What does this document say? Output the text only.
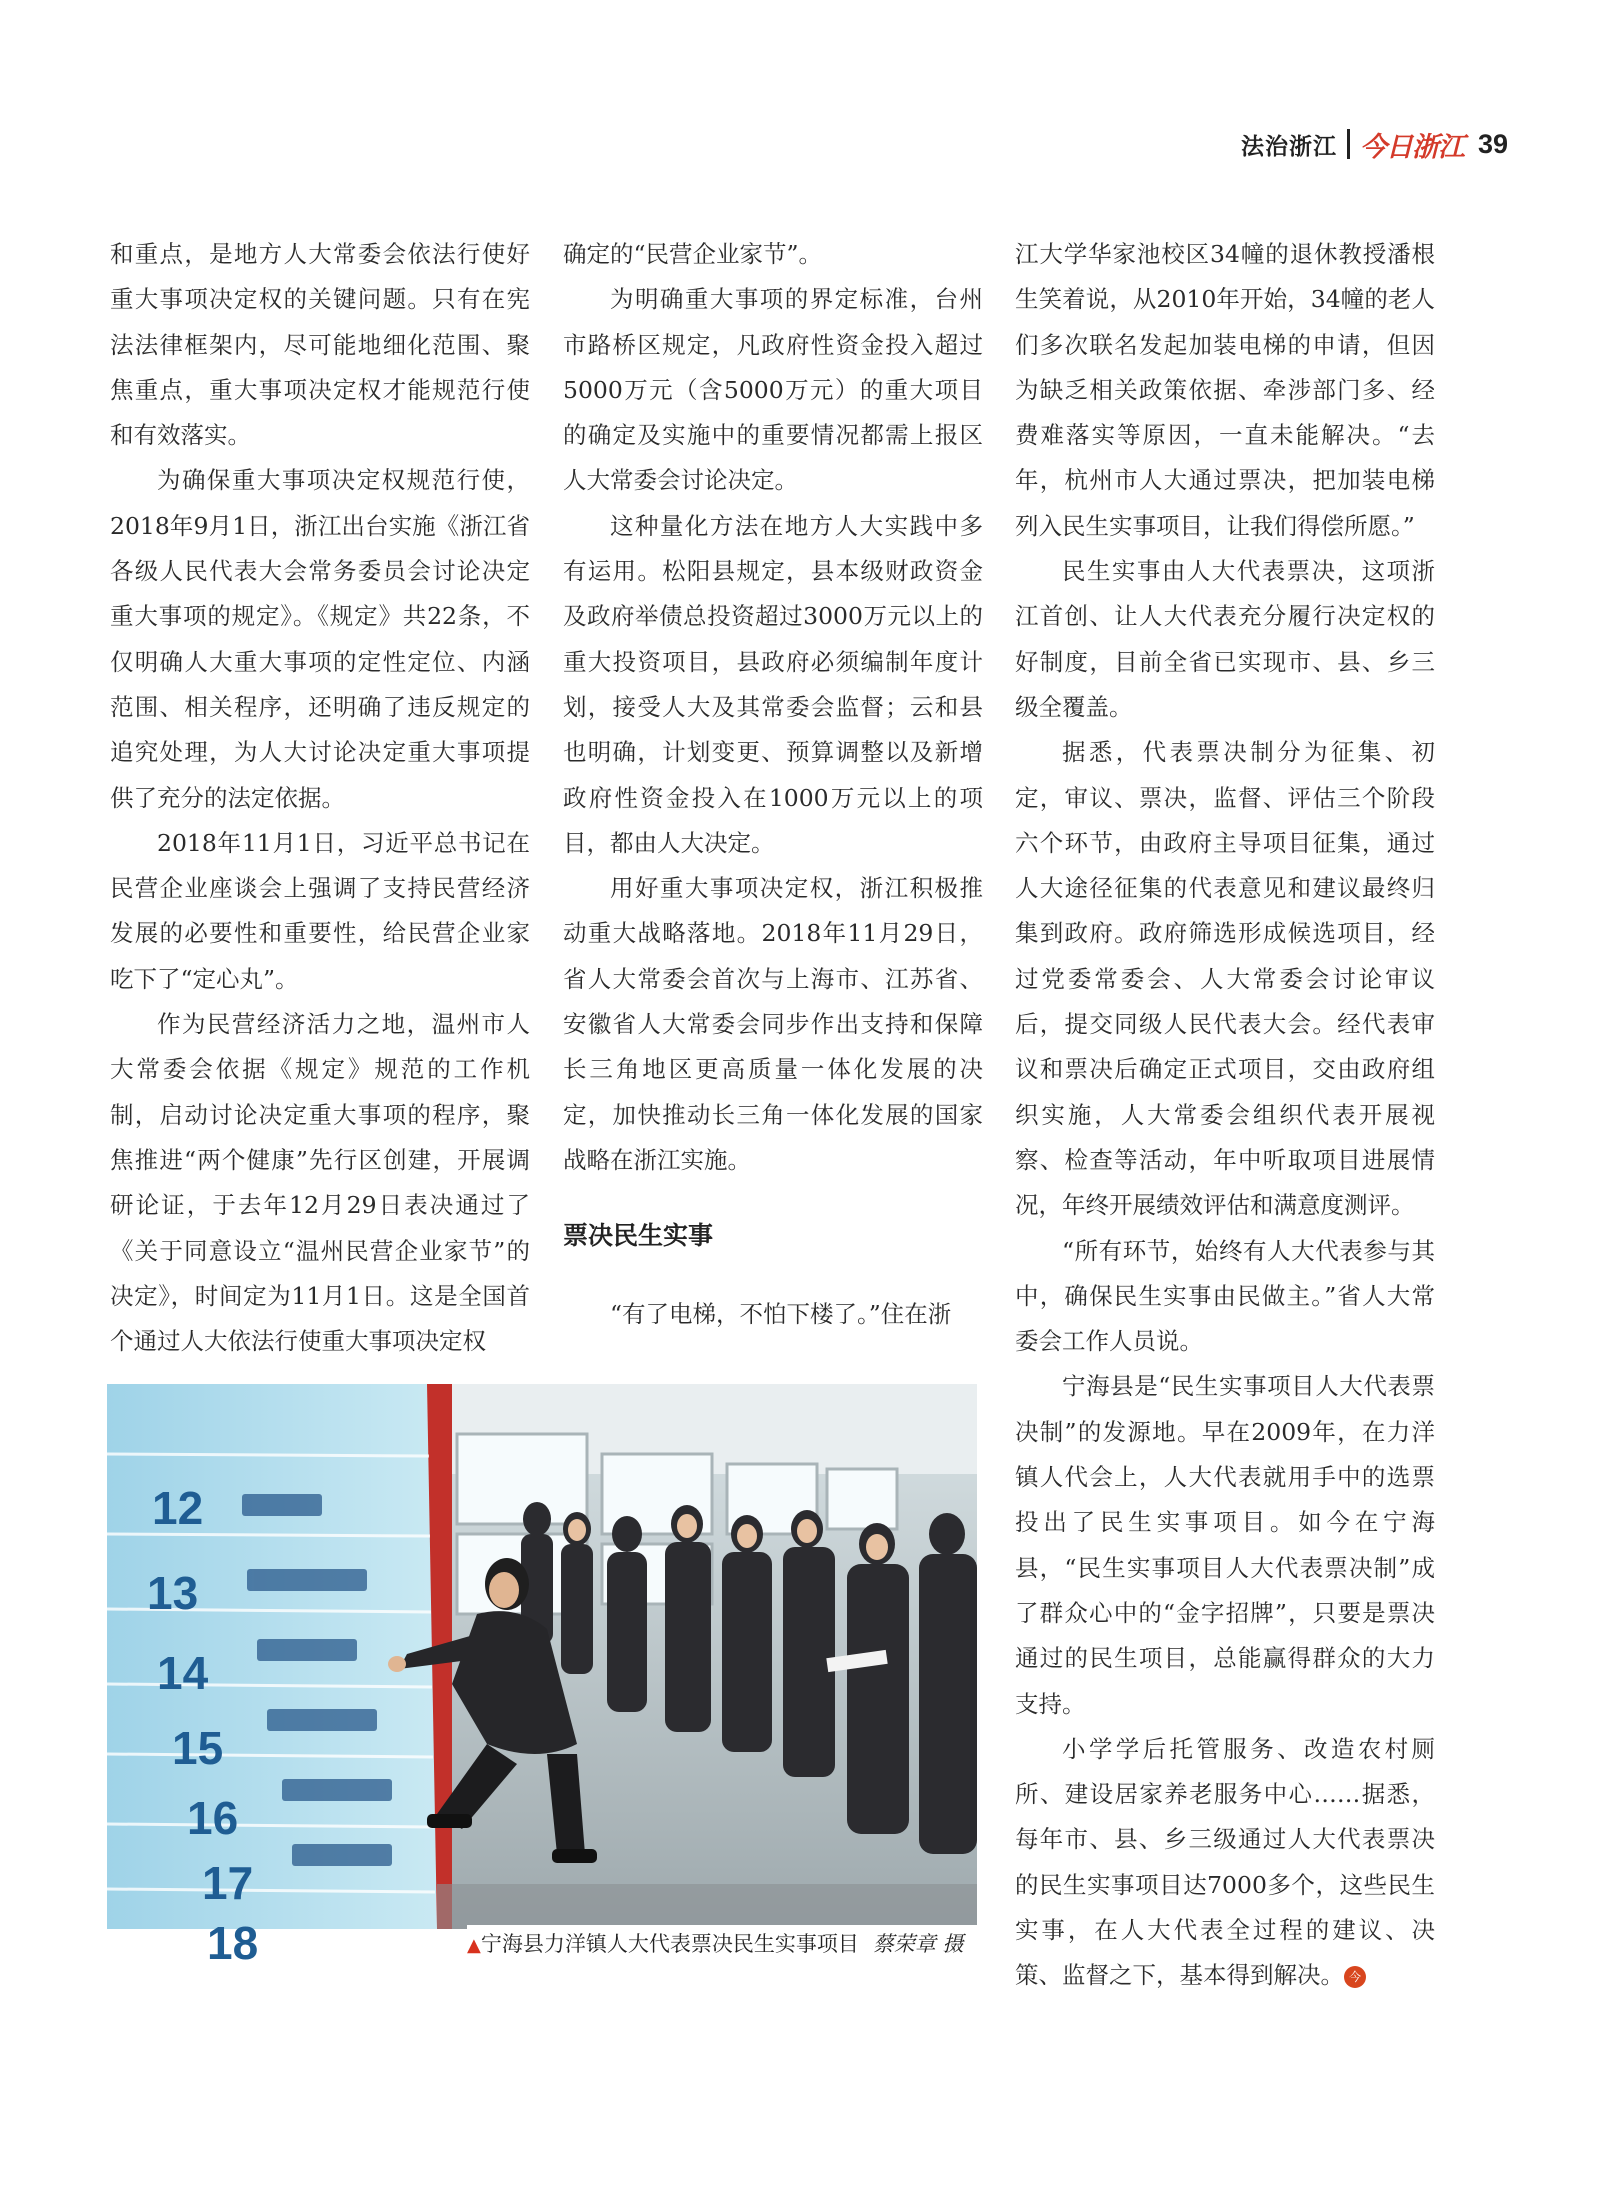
法治浙江 今日浙江 39

和重点，是地方人大常委会依法行使好重大事项决定权的关键问题。只有在宪法法律框架内，尽可能地细化范围、聚焦重点，重大事项决定权才能规范行使和有效落实。

为确保重大事项决定权规范行使，2018年9月1日，浙江出台实施《浙江省各级人民代表大会常务委员会讨论决定重大事项的规定》。《规定》共22条，不仅明确人大重大事项的定性定位、内涵范围、相关程序，还明确了违反规定的追究处理，为人大讨论决定重大事项提供了充分的法定依据。

2018年11月1日，习近平总书记在民营企业座谈会上强调了支持民营经济发展的必要性和重要性，给民营企业家吃下了“定心丸”。

作为民营经济活力之地，温州市人大常委会依据《规定》规范的工作机制，启动讨论决定重大事项的程序，聚焦推进“两个健康”先行区创建，开展调研论证，于去年12月29日表决通过了《关于同意设立“温州民营企业家节”的决定》，时间定为11月1日。这是全国首个通过人大依法行使重大事项决定权

确定的“民营企业家节”。

为明确重大事项的界定标准，台州市路桥区规定，凡政府性资金投入超过5000万元（含5000万元）的重大项目的确定及实施中的重要情况都需上报区人大常委会讨论决定。

这种量化方法在地方人大实践中多有运用。松阳县规定，县本级财政资金及政府举债总投资超过3000万元以上的重大投资项目，县政府必须编制年度计划，接受人大及其常委会监督；云和县也明确，计划变更、预算调整以及新增政府性资金投入在1000万元以上的项目，都由人大决定。

用好重大事项决定权，浙江积极推动重大战略落地。2018年11月29日，省人大常委会首次与上海市、江苏省、安徽省人大常委会同步作出支持和保障长三角地区更高质量一体化发展的决定，加快推动长三角一体化发展的国家战略在浙江实施。

票决民生实事

“有了电梯，不怕下楼了。”住在浙

江大学华家池校区34幢的退休教授潘根生笑着说，从2010年开始，34幢的老人们多次联名发起加装电梯的申请，但因为缺乏相关政策依据、牵涉部门多、经费难落实等原因，一直未能解决。“去年，杭州市人大通过票决，把加装电梯列入民生实事项目，让我们得偿所愿。”

民生实事由人大代表票决，这项浙江首创、让人大代表充分履行决定权的好制度，目前全省已实现市、县、乡三级全覆盖。

据悉，代表票决制分为征集、初定，审议、票决，监督、评估三个阶段六个环节，由政府主导项目征集，通过人大途径征集的代表意见和建议最终归集到政府。政府筛选形成候选项目，经过党委常委会、人大常委会讨论审议后，提交同级人民代表大会。经代表审议和票决后确定正式项目，交由政府组织实施，人大常委会组织代表开展视察、检查等活动，年中听取项目进展情况，年终开展绩效评估和满意度测评。

“所有环节，始终有人大代表参与其中，确保民生实事由民做主。”省人大常委会工作人员说。

宁海县是“民生实事项目人大代表票决制”的发源地。早在2009年，在力洋镇人代会上，人大代表就用手中的选票投出了民生实事项目。如今在宁海县，“民生实事项目人大代表票决制”成了群众心中的“金字招牌”，只要是票决通过的民生项目，总能赢得群众的大力支持。

小学学后托管服务、改造农村厕所、建设居家养老服务中心……据悉，每年市、县、乡三级通过人大代表票决的民生实事项目达7000多个，这些民生实事，在人大代表全过程的建议、决策、监督之下，基本得到解决。 今

12
13
14
15
16
17
18	▲宁海县力洋镇人大代表票决民生实事项目 蔡荣章 摄
